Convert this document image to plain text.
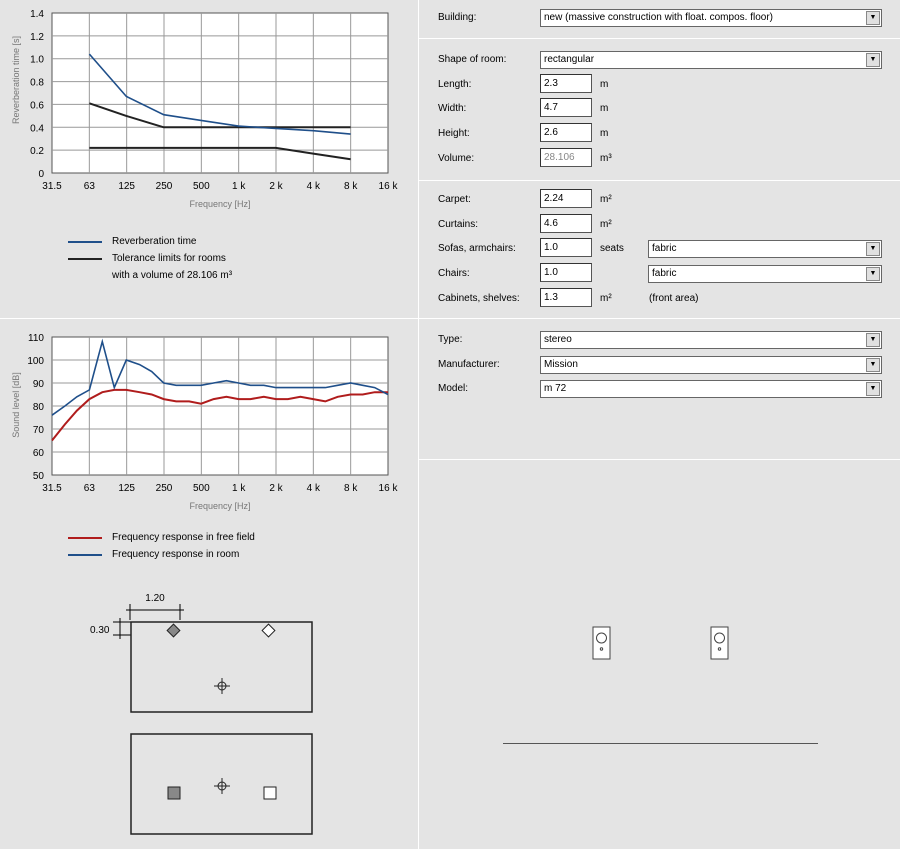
1.4
1.2
1.0
0.8
0.6
0.4
0.2
0
31.5 63 125 250 500 1 k 2 k 4 k 8 k 16 k
Reverberation time [s]
Frequency [Hz]
Reverberation time
Tolerance limits for rooms
with a volume of 28.106 m³
110
100
90
80
70
60
50
31.5 63 125 250 500 1 k 2 k 4 k 8 k 16 k
Sound level [dB]
Frequency [Hz]
Frequency response in free field
Frequency response in room
1.20
0.30
Building:	new (massive construction with float. compos. floor)	▼
Shape of room:	rectangular	▼
Length:
2.3	m
Width:
4.7	m
Height:
2.6	m
Volume:
28.106	m³
Carpet:
2.24	m²
Curtains:
4.6	m²
Sofas, armchairs:
1.0	seats	fabric	▼
Chairs:
1.0	fabric	▼
Cabinets, shelves:
1.3	m²	(front area)
Type:	stereo	▼
Manufacturer:	Mission	▼
Model:	m 72	▼
